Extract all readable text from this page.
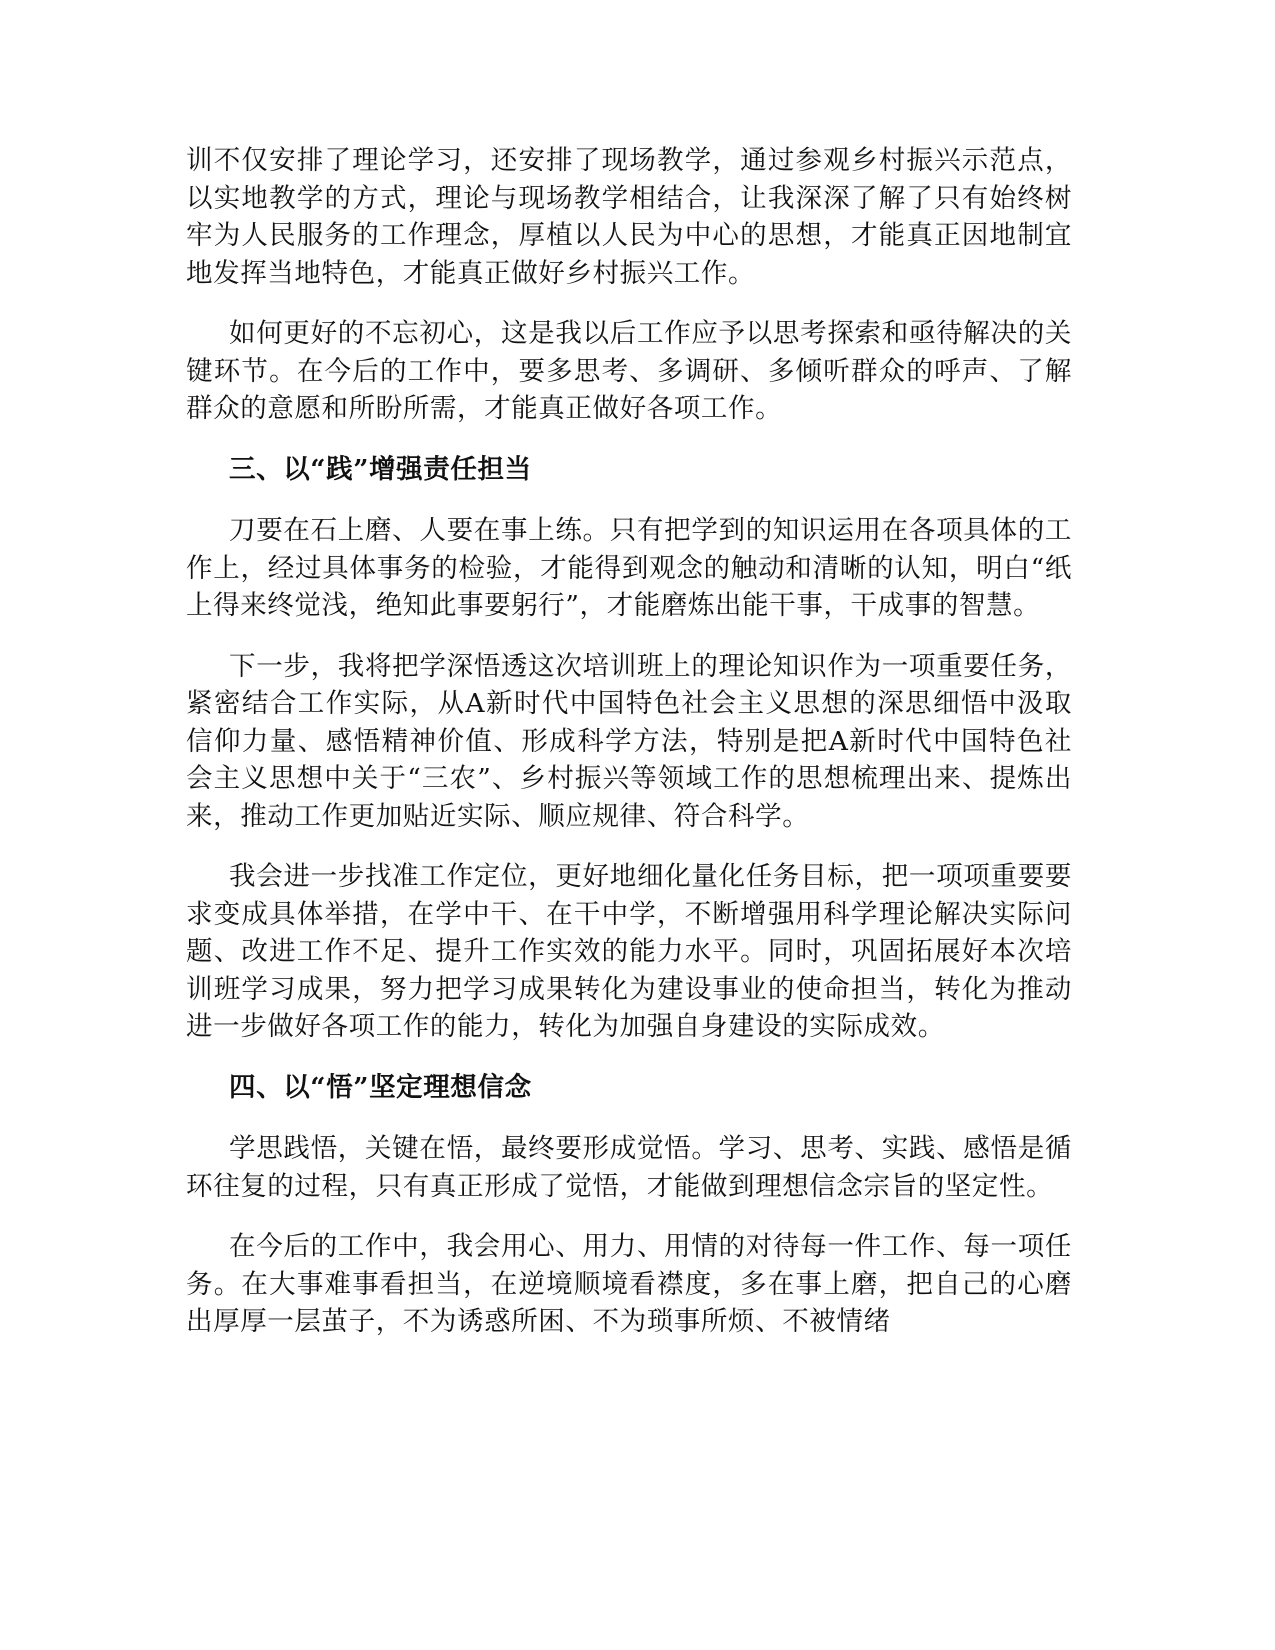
训不仅安排了理论学习，还安排了现场教学，通过参观乡村振兴示范点，以实地教学的方式，理论与现场教学相结合，让我深深了解了只有始终树牢为人民服务的工作理念，厚植以人民为中心的思想，才能真正因地制宜地发挥当地特色，才能真正做好乡村振兴工作。

如何更好的不忘初心，这是我以后工作应予以思考探索和亟待解决的关键环节。在今后的工作中，要多思考、多调研、多倾听群众的呼声、了解群众的意愿和所盼所需，才能真正做好各项工作。

三、以“践”增强责任担当

刀要在石上磨、人要在事上练。只有把学到的知识运用在各项具体的工作上，经过具体事务的检验，才能得到观念的触动和清晰的认知，明白“纸上得来终觉浅，绝知此事要躬行”，才能磨炼出能干事，干成事的智慧。

下一步，我将把学深悟透这次培训班上的理论知识作为一项重要任务，紧密结合工作实际，从A新时代中国特色社会主义思想的深思细悟中汲取信仰力量、感悟精神价值、形成科学方法，特别是把A新时代中国特色社会主义思想中关于“三农”、乡村振兴等领域工作的思想梳理出来、提炼出来，推动工作更加贴近实际、顺应规律、符合科学。

我会进一步找准工作定位，更好地细化量化任务目标，把一项项重要要求变成具体举措，在学中干、在干中学，不断增强用科学理论解决实际问题、改进工作不足、提升工作实效的能力水平。同时，巩固拓展好本次培训班学习成果，努力把学习成果转化为建设事业的使命担当，转化为推动进一步做好各项工作的能力，转化为加强自身建设的实际成效。

四、以“悟”坚定理想信念

学思践悟，关键在悟，最终要形成觉悟。学习、思考、实践、感悟是循环往复的过程，只有真正形成了觉悟，才能做到理想信念宗旨的坚定性。

在今后的工作中，我会用心、用力、用情的对待每一件工作、每一项任务。在大事难事看担当，在逆境顺境看襟度，多在事上磨，把自己的心磨出厚厚一层茧子，不为诱惑所困、不为琐事所烦、不被情绪
